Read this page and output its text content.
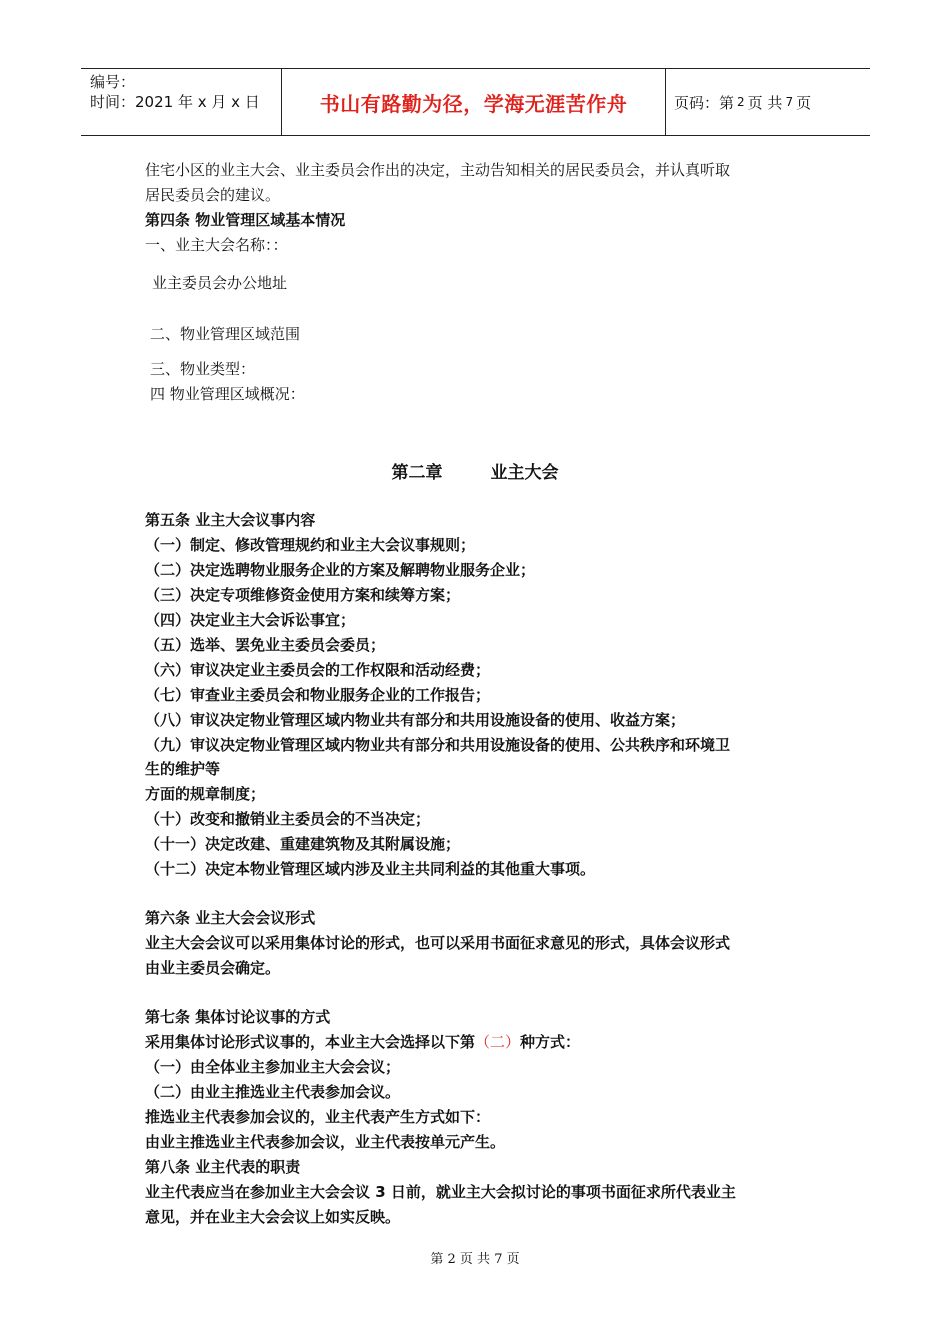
编号：
时间：2021 年 x 月 x 日	书山有路勤为径，学海无涯苦作舟	页码：第 2 页 共 7 页
住宅小区的业主大会、业主委员会作出的决定，主动告知相关的居民委员会，并认真听取
居民委员会的建议。
第四条 物业管理区域基本情况
一、业主大会名称：：
业主委员会办公地址
二、物业管理区域范围
三、物业类型：
四 物业管理区域概况：
第二章	业主大会
第五条 业主大会议事内容
（一）制定、修改管理规约和业主大会议事规则；
（二）决定选聘物业服务企业的方案及解聘物业服务企业；
（三）决定专项维修资金使用方案和续筹方案；
（四）决定业主大会诉讼事宜；
（五）选举、罢免业主委员会委员；
（六）审议决定业主委员会的工作权限和活动经费；
（七）审查业主委员会和物业服务企业的工作报告；
（八）审议决定物业管理区域内物业共有部分和共用设施设备的使用、收益方案；
（九）审议决定物业管理区域内物业共有部分和共用设施设备的使用、公共秩序和环境卫
生的维护等
方面的规章制度；
（十）改变和撤销业主委员会的不当决定；
（十一）决定改建、重建建筑物及其附属设施；
（十二）决定本物业管理区域内涉及业主共同利益的其他重大事项。
第六条 业主大会会议形式
业主大会会议可以采用集体讨论的形式，也可以采用书面征求意见的形式，具体会议形式
由业主委员会确定。
第七条 集体讨论议事的方式
采用集体讨论形式议事的，本业主大会选择以下第（二）种方式：
（一）由全体业主参加业主大会会议；
（二）由业主推选业主代表参加会议。
推选业主代表参加会议的，业主代表产生方式如下：
由业主推选业主代表参加会议，业主代表按单元产生。
第八条 业主代表的职责
业主代表应当在参加业主大会会议 3 日前，就业主大会拟讨论的事项书面征求所代表业主
意见，并在业主大会会议上如实反映。
第 2 页 共 7 页
